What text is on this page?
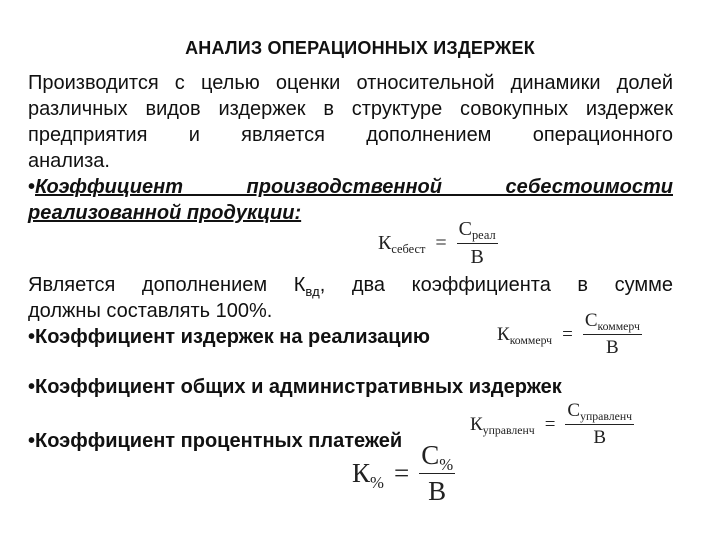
АНАЛИЗ ОПЕРАЦИОННЫХ ИЗДЕРЖЕК
Производится с целью оценки относительной динамики долей
различных видов издержек в структуре совокупных издержек
предприятия и является дополнением операционного
анализа.
•Коэффициент производственной себестоимости
реализованной продукции:
$К_{себест} = \frac{С_{реал}}{В}$
Является дополнением $К_{вд}$, два коэффициента в сумме
должны составлять 100%.
•Коэффициент издержек на реализацию	$К_{коммерч} = \frac{С_{коммерч}}{В}$
•Коэффициент общих и административных издержек
$К_{управленч} = \frac{С_{управленч}}{В}$
•Коэффициент процентных платежей
$К_{\%} = \frac{С_{\%}}{В}$
